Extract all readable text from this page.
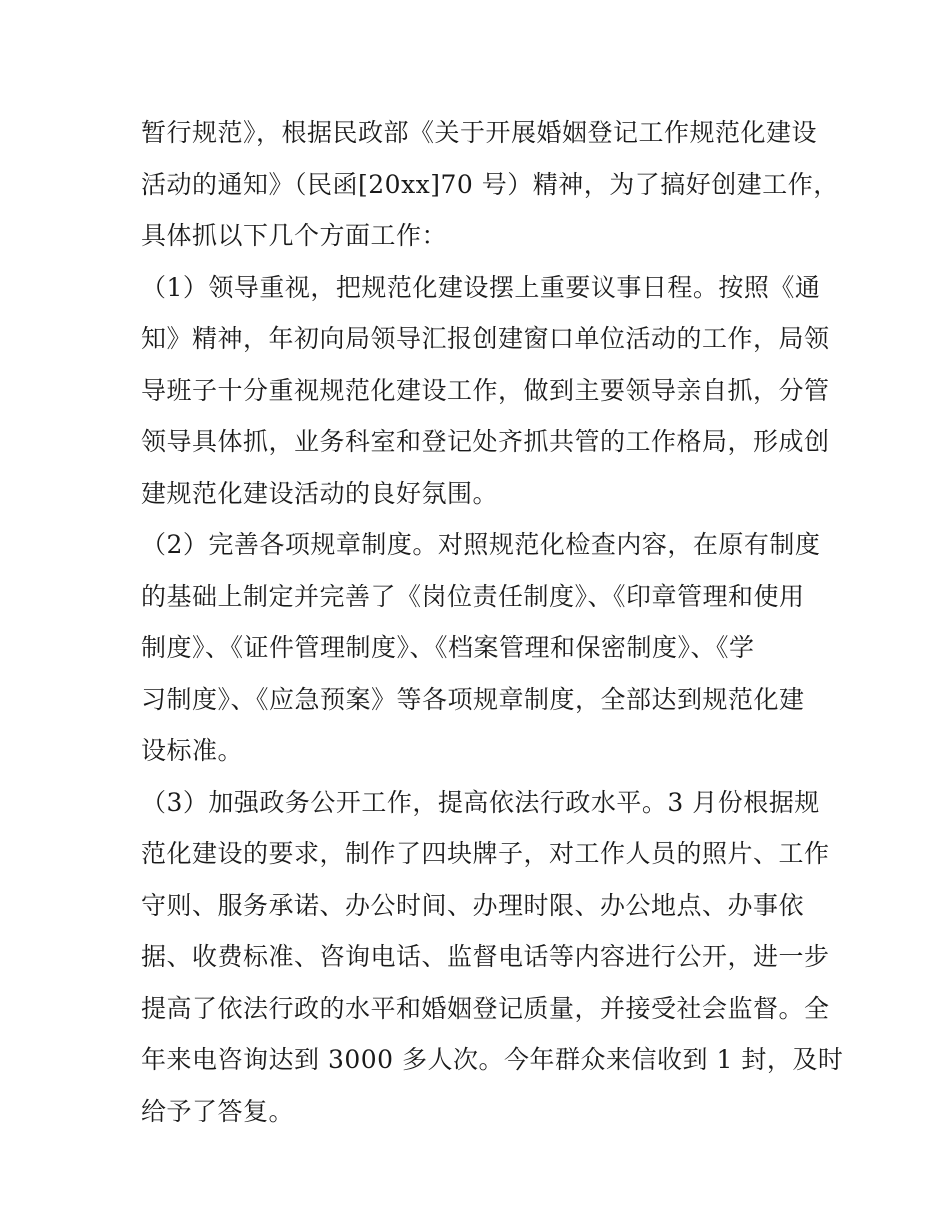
暂行规范》，根据民政部《关于开展婚姻登记工作规范化建设
活动的通知》（民函[20xx]70 号）精神，为了搞好创建工作，
具体抓以下几个方面工作：

（1）领导重视，把规范化建设摆上重要议事日程。按照《通
知》精神，年初向局领导汇报创建窗口单位活动的工作，局领
导班子十分重视规范化建设工作，做到主要领导亲自抓，分管
领导具体抓，业务科室和登记处齐抓共管的工作格局，形成创
建规范化建设活动的良好氛围。

（2）完善各项规章制度。对照规范化检查内容，在原有制度
的基础上制定并完善了《岗位责任制度》、《印章管理和使用
制度》、《证件管理制度》、《档案管理和保密制度》、《学
习制度》、《应急预案》等各项规章制度，全部达到规范化建
设标准。

（3）加强政务公开工作，提高依法行政水平。3 月份根据规
范化建设的要求，制作了四块牌子，对工作人员的照片、工作
守则、服务承诺、办公时间、办理时限、办公地点、办事依
据、收费标准、咨询电话、监督电话等内容进行公开，进一步
提高了依法行政的水平和婚姻登记质量，并接受社会监督。全
年来电咨询达到 3000 多人次。今年群众来信收到 1 封，及时
给予了答复。
